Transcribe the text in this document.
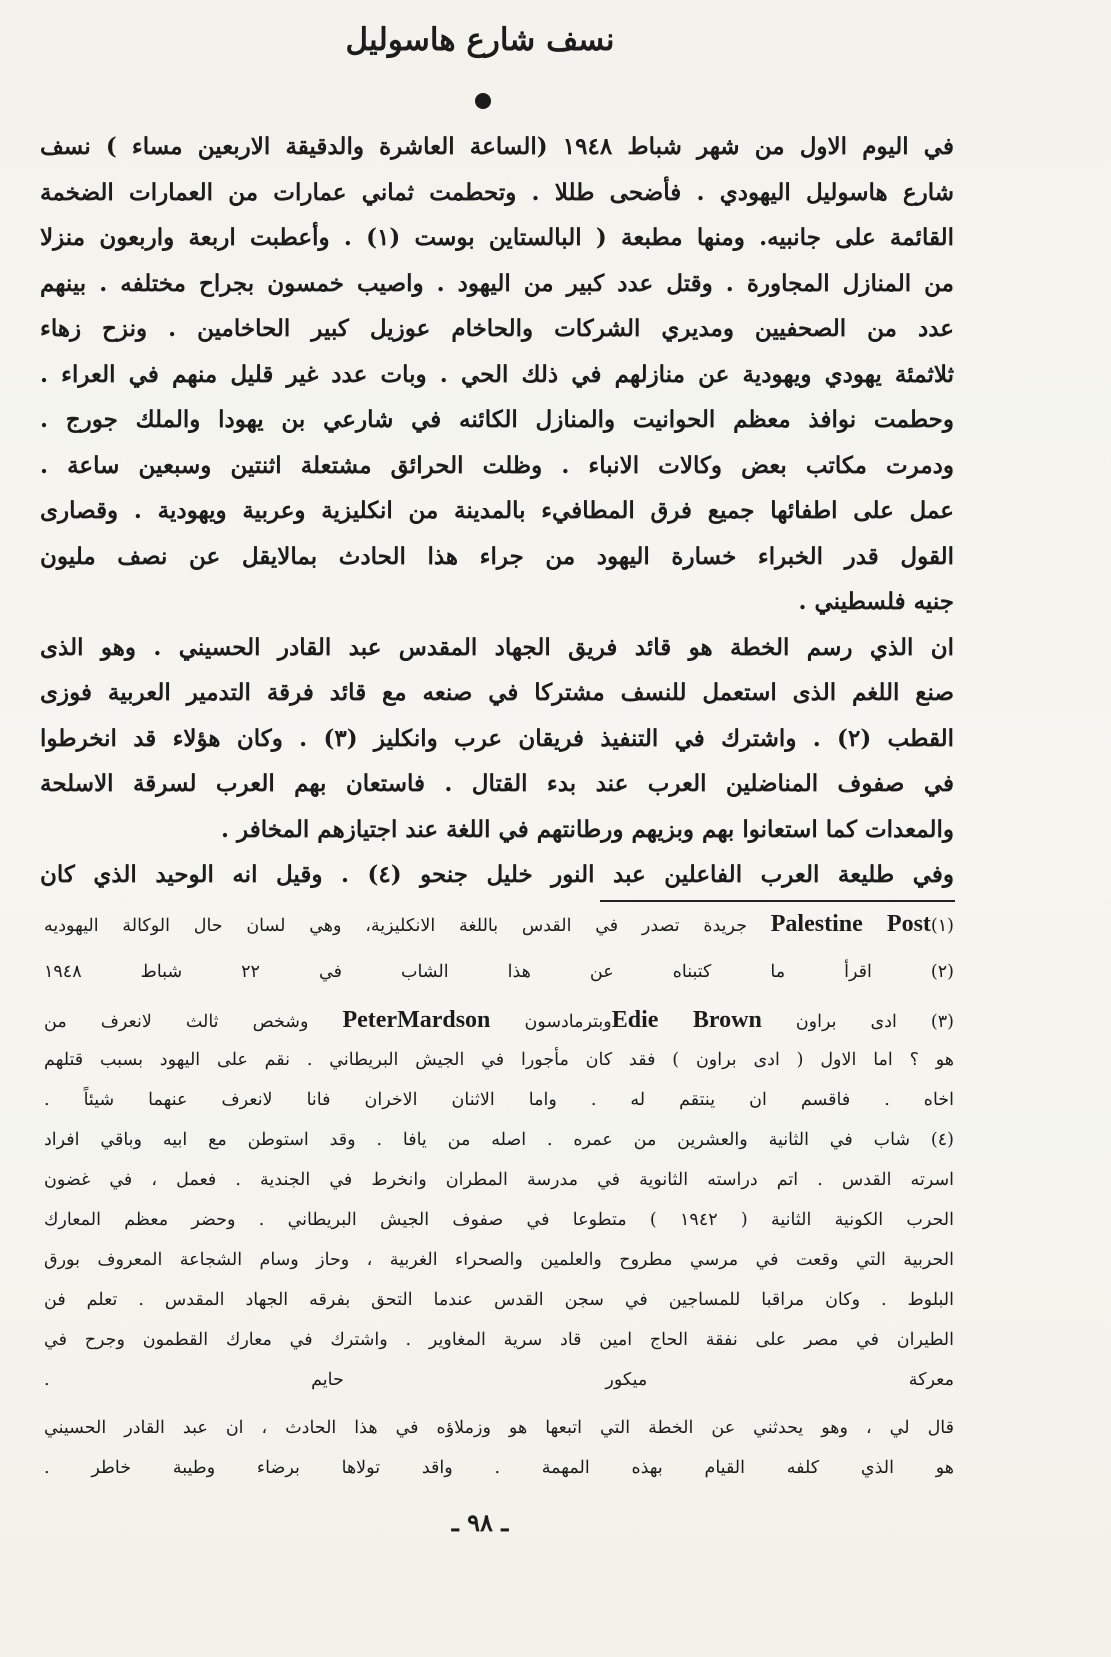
نسف شارع هاسوليل
في اليوم الاول من شهر شباط ١٩٤٨ (الساعة العاشرة والدقيقة الاربعين مساء ) نسف
شارع هاسوليل اليهودي . فأضحى طللا . وتحطمت ثماني عمارات من العمارات الضخمة
القائمة على جانبيه. ومنها مطبعة ( البالستاين بوست (١) . وأعطبت اربعة واربعون منزلا
من المنازل المجاورة . وقتل عدد كبير من اليهود . واصيب خمسون بجراح مختلفه . بينهم
عدد من الصحفيين ومديري الشركات والحاخام عوزيل كبير الحاخامين . ونزح زهاء
ثلاثمئة يهودي ويهودية عن منازلهم في ذلك الحي . وبات عدد غير قليل منهم في العراء .
وحطمت نوافذ معظم الحوانيت والمنازل الكائنه في شارعي بن يهودا والملك جورج .
ودمرت مكاتب بعض وكالات الانباء . وظلت الحرائق مشتعلة اثنتين وسبعين ساعة .
عمل على اطفائها جميع فرق المطافيء بالمدينة من انكليزية وعربية ويهودية . وقصارى
القول قدر الخبراء خسارة اليهود من جراء هذا الحادث بمالايقل عن نصف مليون
جنيه فلسطيني .
ان الذي رسم الخطة هو قائد فريق الجهاد المقدس عبد القادر الحسيني . وهو الذى
صنع اللغم الذى استعمل للنسف مشتركا في صنعه مع قائد فرقة التدمير العربية فوزى
القطب (٢) . واشترك في التنفيذ فريقان عرب وانكليز (٣) . وكان هؤلاء قد انخرطوا
في صفوف المناضلين العرب عند بدء القتال . فاستعان بهم العرب لسرقة الاسلحة
والمعدات كما استعانوا بهم وبزيهم ورطانتهم في اللغة عند اجتيازهم المخافر .
وفي طليعة العرب الفاعلين عبد النور خليل جنحو (٤) . وقيل انه الوحيد الذي كان
(١)Palestine Post جريدة تصدر في القدس باللغة الانكليزية، وهي لسان حال الوكالة اليهوديه
(٢) اقرأ ما كتبناه عن هذا الشاب في ٢٢ شباط ١٩٤٨
(٣) ادى براون Edie Brownوبترمادسون PeterMardson وشخص ثالث لانعرف من
هو ؟ اما الاول ( ادى براون ) فقد كان مأجورا في الجيش البريطاني . نقم على اليهود بسبب قتلهم
اخاه . فاقسم ان ينتقم له . واما الاثنان الاخران فانا لانعرف عنهما شيئاً .
(٤) شاب في الثانية والعشرين من عمره . اصله من يافا . وقد استوطن مع ابيه وباقي افراد
اسرته القدس . اتم دراسته الثانوية في مدرسة المطران وانخرط في الجندية . فعمل ، في غضون
الحرب الكونية الثانية ( ١٩٤٢ ) متطوعا في صفوف الجيش البريطاني . وحضر معظم المعارك
الحربية التي وقعت في مرسي مطروح والعلمين والصحراء الغربية ، وحاز وسام الشجاعة المعروف بورق
البلوط . وكان مراقبا للمساجين في سجن القدس عندما التحق بفرقه الجهاد المقدس . تعلم فن
الطيران في مصر على نفقة الحاج امين قاد سرية المغاوير . واشترك في معارك القطمون وجرح في
معركة ميكور حايم .
قال لي ، وهو يحدثني عن الخطة التي اتبعها هو وزملاؤه في هذا الحادث ، ان عبد القادر الحسيني
هو الذي كلفه القيام بهذه المهمة . واقد تولاها برضاء وطيبة خاطر .
ـ ٩٨ ـ
